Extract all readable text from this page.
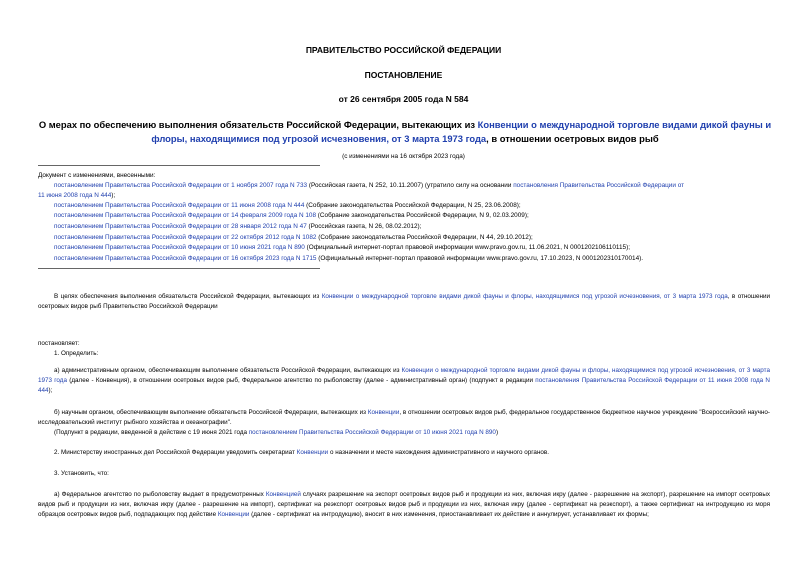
ПРАВИТЕЛЬСТВО РОССИЙСКОЙ ФЕДЕРАЦИИ
ПОСТАНОВЛЕНИЕ
от 26 сентября 2005 года N 584
О мерах по обеспечению выполнения обязательств Российской Федерации, вытекающих из Конвенции о международной торговле видами дикой фауны и флоры, находящимися под угрозой исчезновения, от 3 марта 1973 года, в отношении осетровых видов рыб
(с изменениями на 16 октября 2023 года)
Документ с изменениями, внесенными:
постановлением Правительства Российской Федерации от 1 ноября 2007 года N 733 (Российская газета, N 252, 10.11.2007) (утратило силу на основании постановления Правительства Российской Федерации от
11 июня 2008 года N 444);
постановлением Правительства Российской Федерации от 11 июня 2008 года N 444 (Собрание законодательства Российской Федерации, N 25, 23.06.2008);
постановлением Правительства Российской Федерации от 14 февраля 2009 года N 108 (Собрание законодательства Российской Федерации, N 9, 02.03.2009);
постановлением Правительства Российской Федерации от 28 января 2012 года N 47 (Российская газета, N 26, 08.02.2012);
постановлением Правительства Российской Федерации от 22 октября 2012 года N 1082 (Собрание законодательства Российской Федерации, N 44, 29.10.2012);
постановлением Правительства Российской Федерации от 10 июня 2021 года N 890 (Официальный интернет-портал правовой информации www.pravo.gov.ru, 11.06.2021, N 0001202106110115);
постановлением Правительства Российской Федерации от 16 октября 2023 года N 1715 (Официальный интернет-портал правовой информации www.pravo.gov.ru, 17.10.2023, N 0001202310170014).
В целях обеспечения выполнения обязательств Российской Федерации, вытекающих из Конвенции о международной торговле видами дикой фауны и флоры, находящимися под угрозой исчезновения, от 3 марта 1973 года, в отношении осетровых видов рыб Правительство Российской Федерации
постановляет:
1. Определить:
а) административным органом, обеспечивающим выполнение обязательств Российской Федерации, вытекающих из Конвенции о международной торговле видами дикой фауны и флоры, находящимися под угрозой исчезновения, от 3 марта 1973 года (далее - Конвенция), в отношении осетровых видов рыб, Федеральное агентство по рыболовству (далее - административный орган) (подпункт в редакции постановления Правительства Российской Федерации от 11 июня 2008 года N 444);
б) научным органом, обеспечивающим выполнение обязательств Российской Федерации, вытекающих из Конвенции, в отношении осетровых видов рыб, федеральное государственное бюджетное научное учреждение "Всероссийский научно-исследовательский институт рыбного хозяйства и океанографии".
(Подпункт в редакции, введенной в действие с 19 июня 2021 года постановлением Правительства Российской Федерации от 10 июня 2021 года N 890)
2. Министерству иностранных дел Российской Федерации уведомить секретариат Конвенции о назначении и месте нахождения административного и научного органов.
3. Установить, что:
а) Федеральное агентство по рыболовству выдает в предусмотренных Конвенцией случаях разрешение на экспорт осетровых видов рыб и продукции из них, включая икру (далее - разрешение на экспорт), разрешение на импорт осетровых видов рыб и продукции из них, включая икру (далее - разрешение на импорт), сертификат на реэкспорт осетровых видов рыб и продукции из них, включая икру (далее - сертификат на реэкспорт), а также сертификат на интродукцию из моря образцов осетровых видов рыб, подпадающих под действие Конвенции (далее - сертификат на интродукцию), вносит в них изменения, приостанавливает их действие и аннулирует, устанавливает их формы;
